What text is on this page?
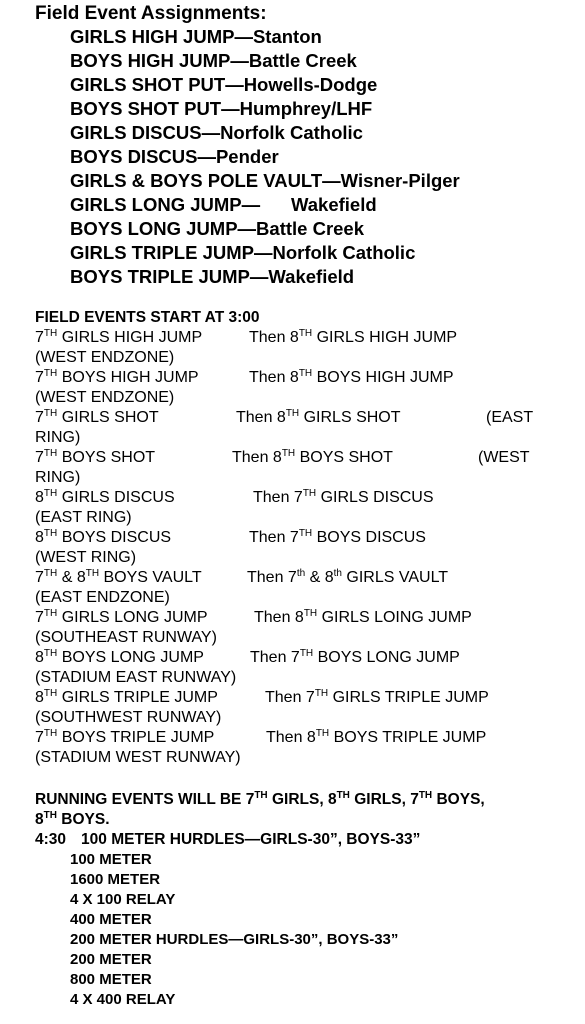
Field Event Assignments:
GIRLS HIGH JUMP—Stanton
BOYS HIGH JUMP—Battle Creek
GIRLS SHOT PUT—Howells-Dodge
BOYS SHOT PUT—Humphrey/LHF
GIRLS DISCUS—Norfolk Catholic
BOYS DISCUS—Pender
GIRLS & BOYS POLE VAULT—Wisner-Pilger
GIRLS LONG JUMP—      Wakefield
BOYS LONG JUMP—Battle Creek
GIRLS TRIPLE JUMP—Norfolk Catholic
BOYS TRIPLE JUMP—Wakefield
FIELD EVENTS START AT 3:00
7TH GIRLS HIGH JUMP	Then 8TH GIRLS HIGH JUMP
(WEST ENDZONE)
7TH BOYS HIGH JUMP	Then 8TH BOYS HIGH JUMP
(WEST ENDZONE)
7TH GIRLS SHOT	Then 8TH GIRLS SHOT	(EAST
RING)
7TH BOYS SHOT	Then 8TH BOYS SHOT	(WEST
RING)
8TH GIRLS DISCUS	Then 7TH GIRLS DISCUS
(EAST RING)
8TH BOYS DISCUS	Then 7TH BOYS DISCUS
(WEST RING)
7TH & 8TH BOYS VAULT	Then 7th & 8th GIRLS VAULT
(EAST ENDZONE)
7TH GIRLS LONG JUMP	Then 8TH GIRLS LOING JUMP
(SOUTHEAST RUNWAY)
8TH BOYS LONG JUMP	Then 7TH BOYS LONG JUMP
(STADIUM EAST RUNWAY)
8TH GIRLS TRIPLE JUMP	Then 7TH GIRLS TRIPLE JUMP
(SOUTHWEST RUNWAY)
7TH BOYS TRIPLE JUMP	Then 8TH BOYS TRIPLE JUMP
(STADIUM WEST RUNWAY)
RUNNING EVENTS WILL BE 7TH GIRLS, 8TH GIRLS, 7TH BOYS,
8TH BOYS.
4:30 100 METER HURDLES—GIRLS-30”, BOYS-33”
100 METER
1600 METER
4 X 100 RELAY
400 METER
200 METER HURDLES—GIRLS-30”, BOYS-33”
200 METER
800 METER
4 X 400 RELAY
